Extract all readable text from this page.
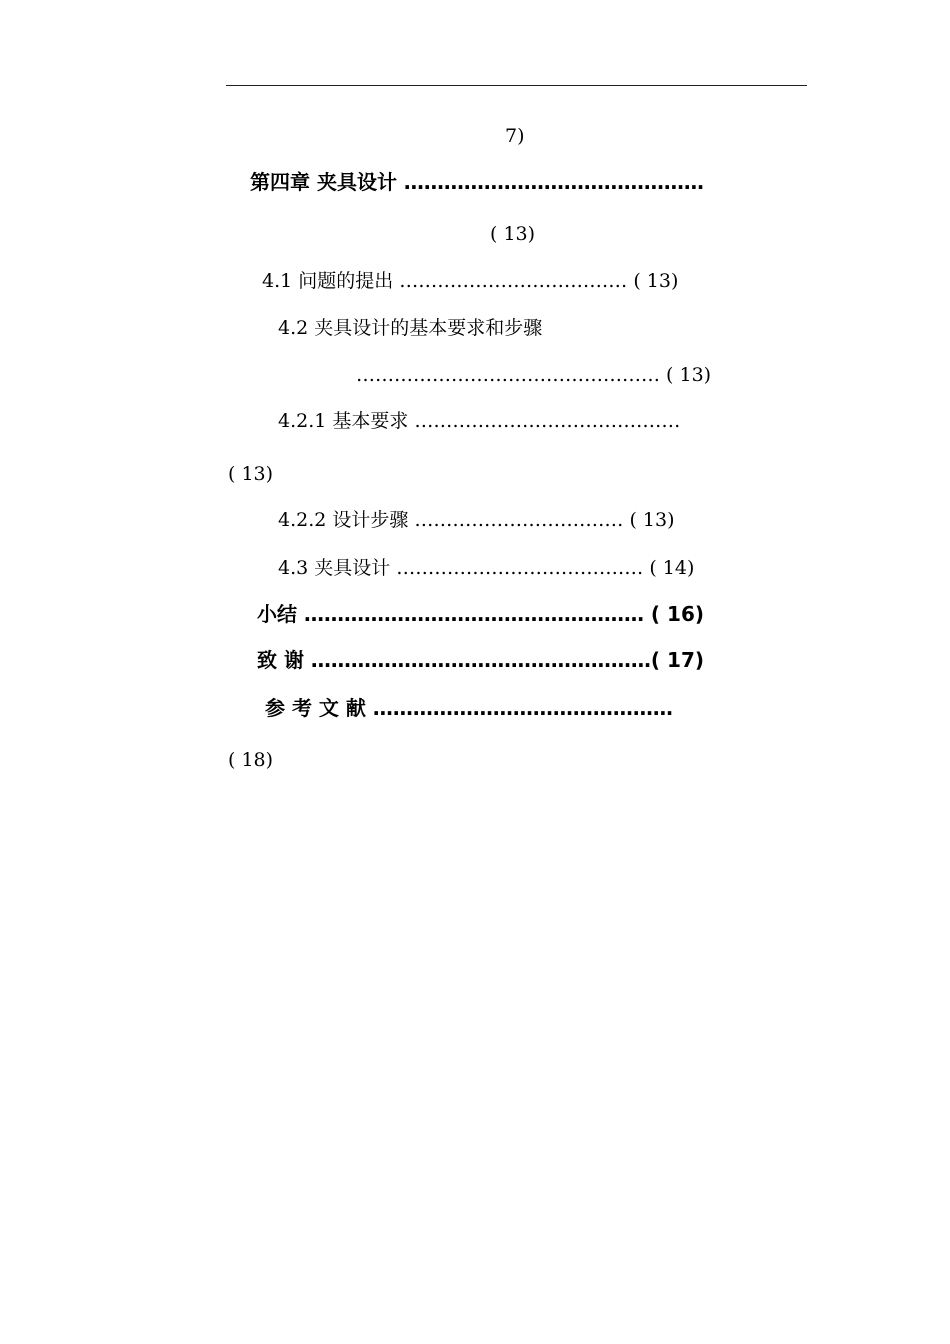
7)
第四章 夹具设计 ………………………………………
( 13)
4.1 问题的提出 ……………………………… ( 13)
4.2 夹具设计的基本要求和步骤
………………………………………… ( 13)
4.2.1 基本要求 ……………………………………
( 13)
4.2.2 设计步骤 …………………………… ( 13)
4.3 夹具设计 ………………………………… ( 14)
小结 …………………………………………… ( 16)
致 谢 ……………………………………………( 17)
参 考 文 献 ………………………………………
( 18)
